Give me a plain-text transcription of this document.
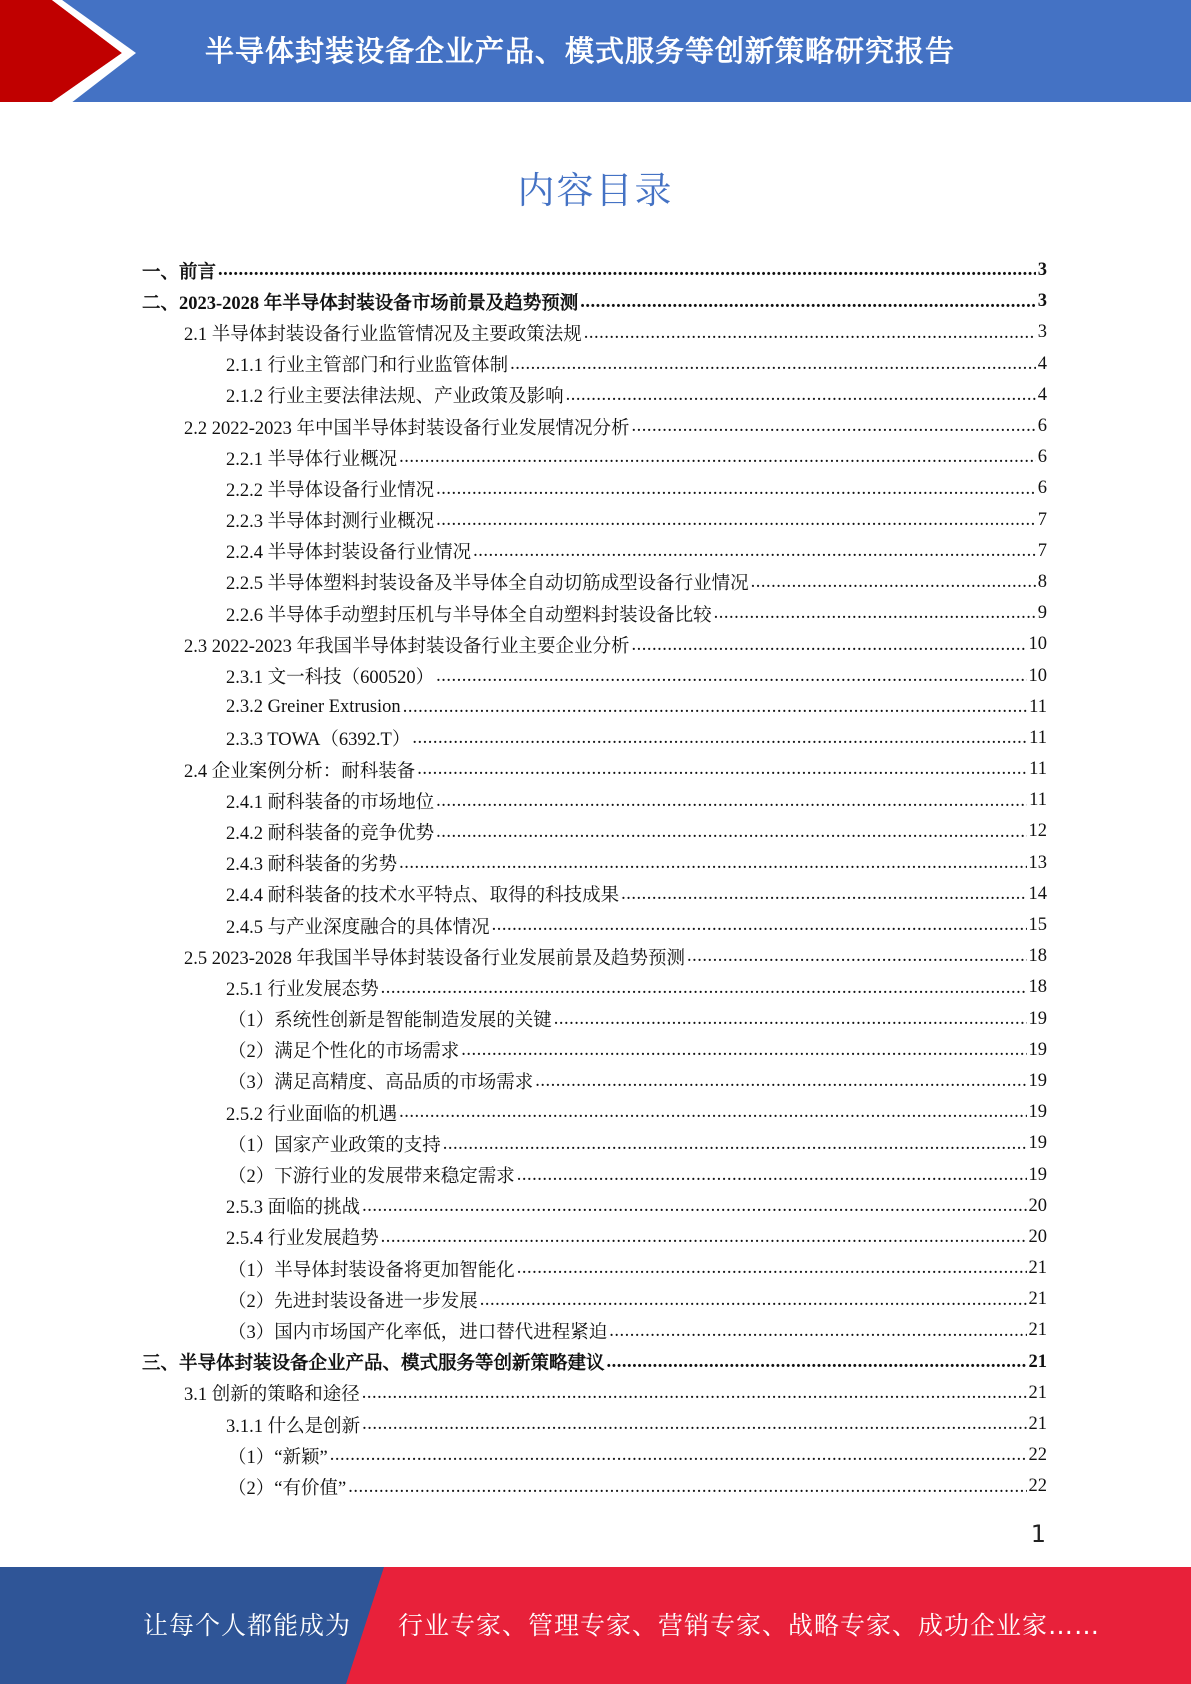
半导体封装设备企业产品、模式服务等创新策略研究报告
内容目录
一、前言 .....	3
二、2023-2028 年半导体封装设备市场前景及趋势预测 .....	3
2.1 半导体封装设备行业监管情况及主要政策法规 .....	3
2.1.1 行业主管部门和行业监管体制 .....	4
2.1.2 行业主要法律法规、产业政策及影响 .....	4
2.2 2022-2023 年中国半导体封装设备行业发展情况分析 .....	6
2.2.1 半导体行业概况 .....	6
2.2.2 半导体设备行业情况 .....	6
2.2.3 半导体封测行业概况 .....	7
2.2.4 半导体封装设备行业情况 .....	7
2.2.5 半导体塑料封装设备及半导体全自动切筋成型设备行业情况 .....	8
2.2.6 半导体手动塑封压机与半导体全自动塑料封装设备比较 .....	9
2.3 2022-2023 年我国半导体封装设备行业主要企业分析 .....	10
2.3.1 文一科技（600520） .....	10
2.3.2 Greiner Extrusion .....	11
2.3.3 TOWA（6392.T） .....	11
2.4 企业案例分析：耐科装备 .....	11
2.4.1 耐科装备的市场地位 .....	11
2.4.2 耐科装备的竞争优势 .....	12
2.4.3 耐科装备的劣势 .....	13
2.4.4 耐科装备的技术水平特点、取得的科技成果 .....	14
2.4.5 与产业深度融合的具体情况 .....	15
2.5 2023-2028 年我国半导体封装设备行业发展前景及趋势预测 .....	18
2.5.1 行业发展态势 .....	18
（1）系统性创新是智能制造发展的关键 .....	19
（2）满足个性化的市场需求 .....	19
（3）满足高精度、高品质的市场需求 .....	19
2.5.2 行业面临的机遇 .....	19
（1）国家产业政策的支持 .....	19
（2）下游行业的发展带来稳定需求 .....	19
2.5.3 面临的挑战 .....	20
2.5.4 行业发展趋势 .....	20
（1）半导体封装设备将更加智能化 .....	21
（2）先进封装设备进一步发展 .....	21
（3）国内市场国产化率低，进口替代进程紧迫 .....	21
三、半导体封装设备企业产品、模式服务等创新策略建议 .....	21
3.1 创新的策略和途径 .....	21
3.1.1 什么是创新 .....	21
（1）“新颖” .....	22
（2）“有价值” .....	22
1
让每个人都能成为 行业专家、管理专家、营销专家、战略专家、成功企业家……
